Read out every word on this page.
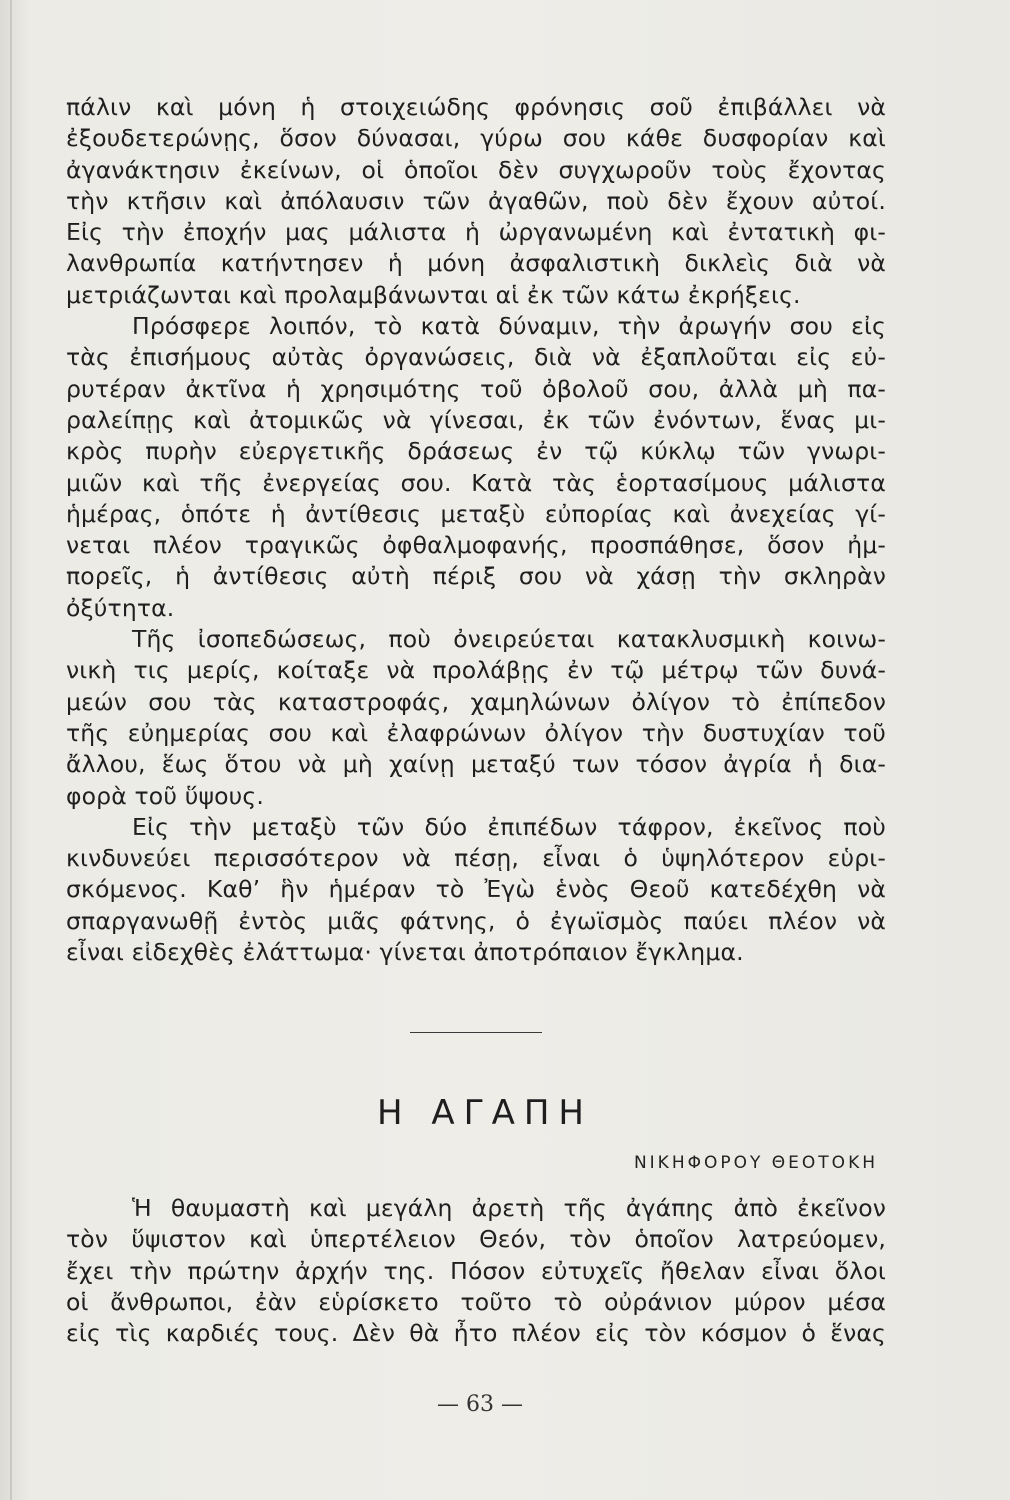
πάλιν καὶ μόνη ἡ στοιχειώδης φρόνησις σοῦ ἐπιβάλλει νὰ
ἐξουδετερώνῃς, ὅσον δύνασαι, γύρω σου κάθε δυσφορίαν καὶ
ἀγανάκτησιν ἐκείνων, οἱ ὁποῖοι δὲν συγχωροῦν τοὺς ἔχοντας
τὴν κτῆσιν καὶ ἀπόλαυσιν τῶν ἀγαθῶν, ποὺ δὲν ἔχουν αὐτοί.
Εἰς τὴν ἐποχήν μας μάλιστα ἡ ὠργανωμένη καὶ ἐντατικὴ φι-
λανθρωπία κατήντησεν ἡ μόνη ἀσφαλιστικὴ δικλεὶς διὰ νὰ
μετριάζωνται καὶ προλαμβάνωνται αἱ ἐκ τῶν κάτω ἐκρήξεις.
Πρόσφερε λοιπόν, τὸ κατὰ δύναμιν, τὴν ἀρωγήν σου εἰς
τὰς ἐπισήμους αὐτὰς ὀργανώσεις, διὰ νὰ ἐξαπλοῦται εἰς εὐ-
ρυτέραν ἀκτῖνα ἡ χρησιμότης τοῦ ὀβολοῦ σου, ἀλλὰ μὴ πα-
ραλείπῃς καὶ ἀτομικῶς νὰ γίνεσαι, ἐκ τῶν ἐνόντων, ἕνας μι-
κρὸς πυρὴν εὐεργετικῆς δράσεως ἐν τῷ κύκλῳ τῶν γνωρι-
μιῶν καὶ τῆς ἐνεργείας σου. Κατὰ τὰς ἑορτασίμους μάλιστα
ἡμέρας, ὁπότε ἡ ἀντίθεσις μεταξὺ εὐπορίας καὶ ἀνεχείας γί-
νεται πλέον τραγικῶς ὀφθαλμοφανής, προσπάθησε, ὅσον ἠμ-
πορεῖς, ἡ ἀντίθεσις αὐτὴ πέριξ σου νὰ χάσῃ τὴν σκληρὰν
ὀξύτητα.
Τῆς ἰσοπεδώσεως, ποὺ ὀνειρεύεται κατακλυσμικὴ κοινω-
νικὴ τις μερίς, κοίταξε νὰ προλάβῃς ἐν τῷ μέτρῳ τῶν δυνά-
μεών σου τὰς καταστροφάς, χαμηλώνων ὀλίγον τὸ ἐπίπεδον
τῆς εὐημερίας σου καὶ ἐλαφρώνων ὀλίγον τὴν δυστυχίαν τοῦ
ἄλλου, ἕως ὅτου νὰ μὴ χαίνῃ μεταξύ των τόσον ἀγρία ἡ δια-
φορὰ τοῦ ὕψους.
Εἰς τὴν μεταξὺ τῶν δύο ἐπιπέδων τάφρον, ἐκεῖνος ποὺ
κινδυνεύει περισσότερον νὰ πέσῃ, εἶναι ὁ ὑψηλότερον εὑρι-
σκόμενος. Καθ’ ἣν ἡμέραν τὸ Ἐγὼ ἑνὸς Θεοῦ κατεδέχθη νὰ
σπαργανωθῇ ἐντὸς μιᾶς φάτνης, ὁ ἐγωϊσμὸς παύει πλέον νὰ
εἶναι εἰδεχθὲς ἐλάττωμα· γίνεται ἀποτρόπαιον ἔγκλημα.
Η ΑΓΑΠΗ
ΝΙΚΗΦΟΡΟΥ ΘΕΟΤΟΚΗ
Ἡ θαυμαστὴ καὶ μεγάλη ἀρετὴ τῆς ἀγάπης ἀπὸ ἐκεῖνον
τὸν ὕψιστον καὶ ὑπερτέλειον Θεόν, τὸν ὁποῖον λατρεύομεν,
ἔχει τὴν πρώτην ἀρχήν της. Πόσον εὐτυχεῖς ἤθελαν εἶναι ὅλοι
οἱ ἄνθρωποι, ἐὰν εὑρίσκετο τοῦτο τὸ οὐράνιον μύρον μέσα
εἰς τὶς καρδιές τους. Δὲν θὰ ἦτο πλέον εἰς τὸν κόσμον ὁ ἕνας
— 63 —
